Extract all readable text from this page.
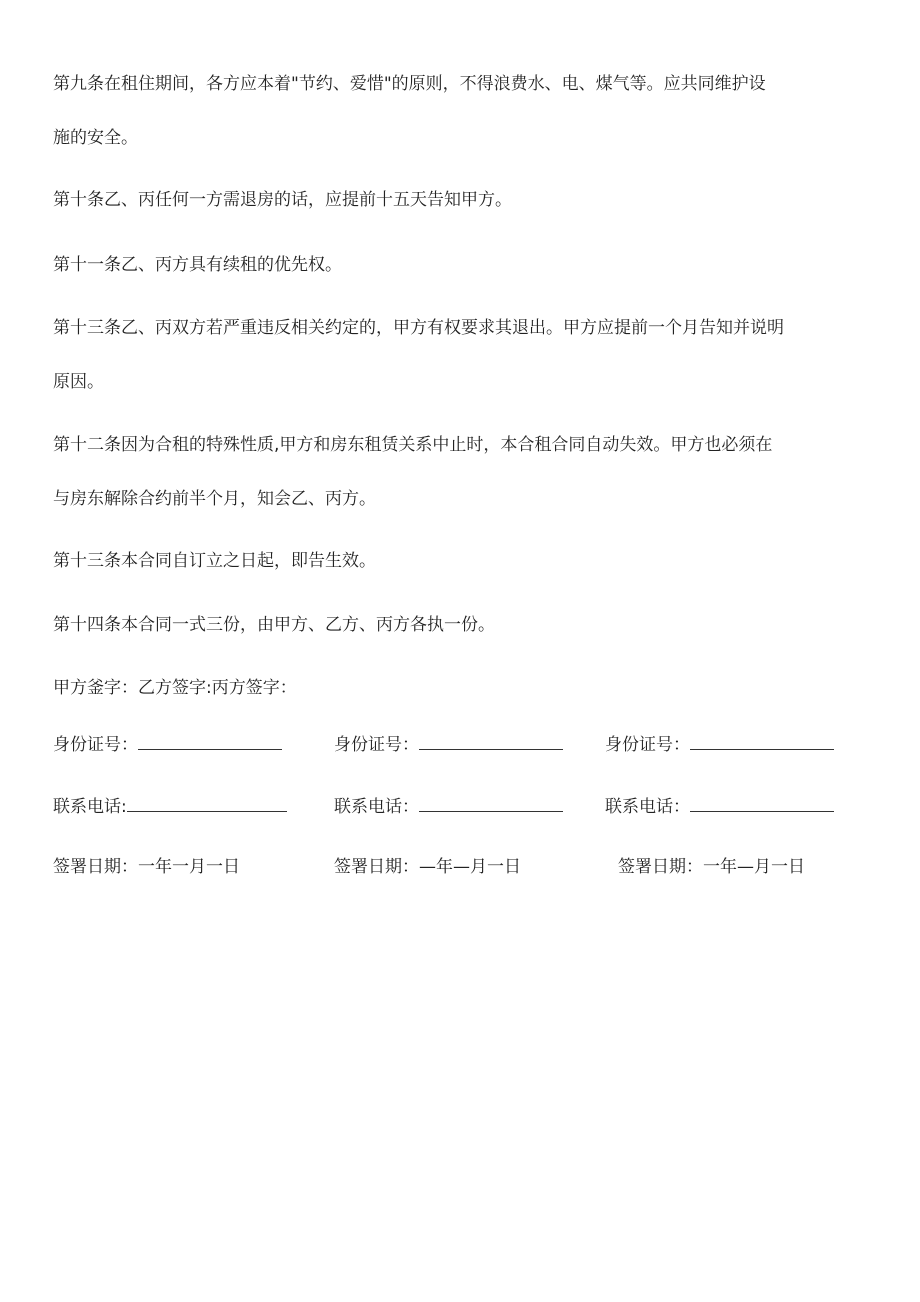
第九条在租住期间，各方应本着"节约、爱惜"的原则，不得浪费水、电、煤气等。应共同维护设
施的安全。
第十条乙、丙任何一方需退房的话，应提前十五天告知甲方。
第十一条乙、丙方具有续租的优先权。
第十三条乙、丙双方若严重违反相关约定的，甲方有权要求其退出。甲方应提前一个月告知并说明
原因。
第十二条因为合租的特殊性质,甲方和房东租赁关系中止时，本合租合同自动失效。甲方也必须在
与房东解除合约前半个月，知会乙、丙方。
第十三条本合同自订立之日起，即告生效。
第十四条本合同一式三份，由甲方、乙方、丙方各执一份。
甲方釜字：乙方签字:丙方签字：
身份证号：	身份证号：	身份证号：
联系电话:	联系电话：	联系电话：
签署日期：一年一月一日	签署日期：—年—月一日	签署日期：一年—月一日
